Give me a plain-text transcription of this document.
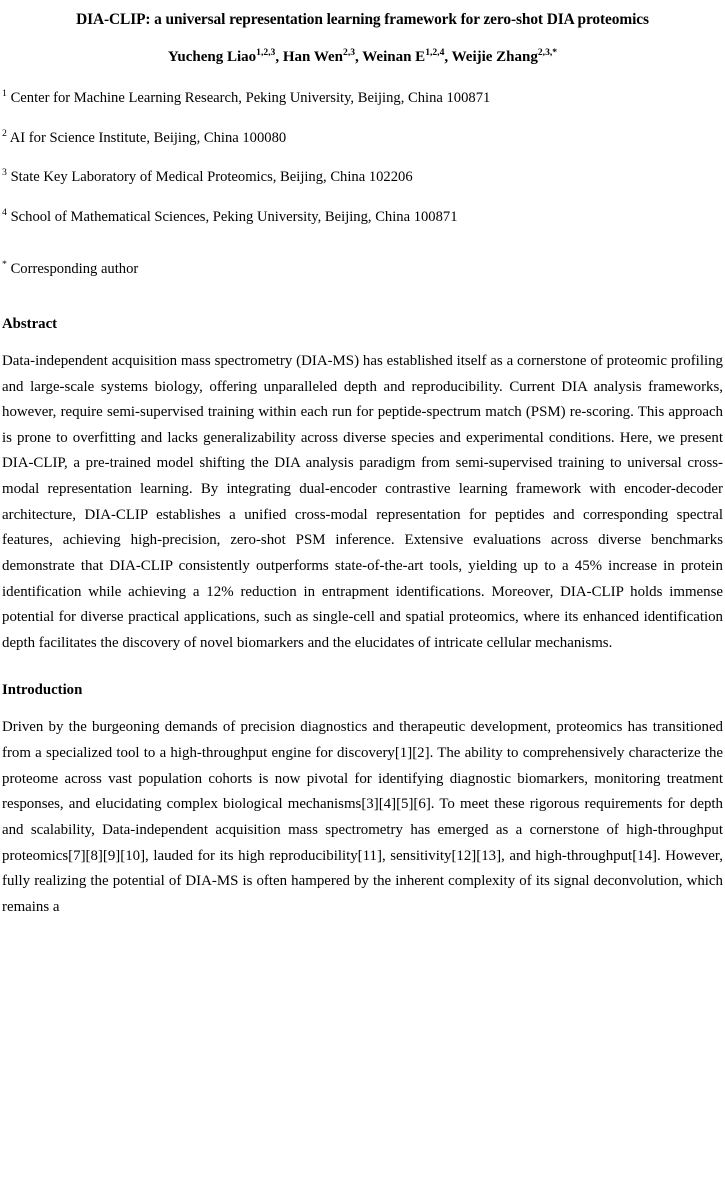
DIA-CLIP: a universal representation learning framework for zero-shot DIA proteomics
Yucheng Liao$^{1,2,3}$, Han Wen$^{2,3}$, Weinan E$^{1,2,4}$, Weijie Zhang$^{2,3,*}$

$^1$ Center for Machine Learning Research, Peking University, Beijing, China 100871

$^2$ AI for Science Institute, Beijing, China 100080

$^3$ State Key Laboratory of Medical Proteomics, Beijing, China 102206

$^4$ School of Mathematical Sciences, Peking University, Beijing, China 100871

* Corresponding author

Abstract

Data-independent acquisition mass spectrometry (DIA-MS) has established itself as a cornerstone of proteomic profiling and large-scale systems biology, offering unparalleled depth and reproducibility. Current DIA analysis frameworks, however, require semi-supervised training within each run for peptide-spectrum match (PSM) re-scoring. This approach is prone to overfitting and lacks generalizability across diverse species and experimental conditions. Here, we present DIA-CLIP, a pre-trained model shifting the DIA analysis paradigm from semi-supervised training to universal cross-modal representation learning. By integrating dual-encoder contrastive learning framework with encoder-decoder architecture, DIA-CLIP establishes a unified cross-modal representation for peptides and corresponding spectral features, achieving high-precision, zero-shot PSM inference. Extensive evaluations across diverse benchmarks demonstrate that DIA-CLIP consistently outperforms state-of-the-art tools, yielding up to a 45% increase in protein identification while achieving a 12% reduction in entrapment identifications. Moreover, DIA-CLIP holds immense potential for diverse practical applications, such as single-cell and spatial proteomics, where its enhanced identification depth facilitates the discovery of novel biomarkers and the elucidates of intricate cellular mechanisms.

Introduction

Driven by the burgeoning demands of precision diagnostics and therapeutic development, proteomics has transitioned from a specialized tool to a high-throughput engine for discovery[1][2]. The ability to comprehensively characterize the proteome across vast population cohorts is now pivotal for identifying diagnostic biomarkers, monitoring treatment responses, and elucidating complex biological mechanisms[3][4][5][6]. To meet these rigorous requirements for depth and scalability, Data-independent acquisition mass spectrometry has emerged as a cornerstone of high-throughput proteomics[7][8][9][10], lauded for its high reproducibility[11], sensitivity[12][13], and high-throughput[14]. However, fully realizing the potential of DIA-MS is often hampered by the inherent complexity of its signal deconvolution, which remains a
